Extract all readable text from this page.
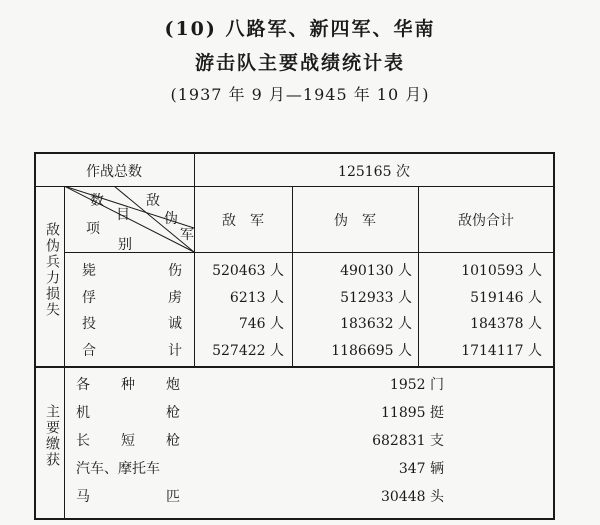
(10) 八路军、新四军、华南
游击队主要战绩统计表
(1937 年 9 月—1945 年 10 月)
作战总数	125165 次
数
目
敌
伪
军
项
别
敌　军	伪　军	敌伪合计
敌伪兵力损失
主要缴获
毙	伤	520463 人	490130 人	1010593 人
俘	虏	6213 人	512933 人	519146 人
投	诚	746 人	183632 人	184378 人
合	计	527422 人	1186695 人	1714117 人
各 种 炮	1952 门
机	枪	11895 挺
长 短 枪	682831 支
汽车、摩托车	347 辆
马	匹	30448 头
